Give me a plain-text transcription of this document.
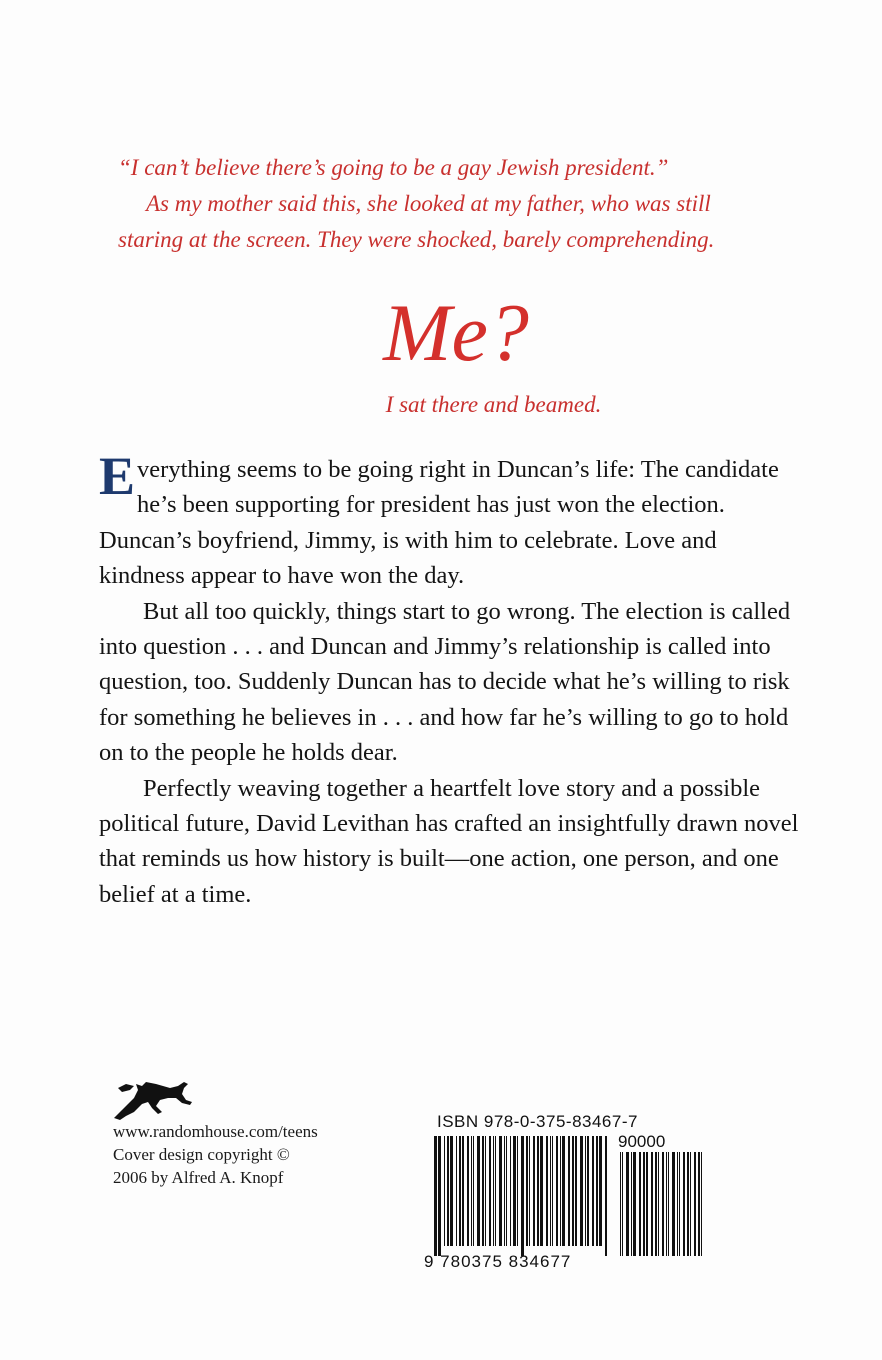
“I can’t believe there’s going to be a gay Jewish president.”
As my mother said this, she looked at my father, who was still
staring at the screen. They were shocked, barely comprehending.
Me?
I sat there and beamed.

Everything seems to be going right in Duncan’s life: The candidate he’s been supporting for president has just won the election. Duncan’s boyfriend, Jimmy, is with him to celebrate. Love and kindness appear to have won the day.

But all too quickly, things start to go wrong. The election is called into question . . . and Duncan and Jimmy’s relationship is called into question, too. Suddenly Duncan has to decide what he’s willing to risk for something he believes in . . . and how far he’s willing to go to hold on to the people he holds dear.

Perfectly weaving together a heartfelt love story and a possible political future, David Levithan has crafted an insightfully drawn novel that reminds us how history is built—one action, one person, and one belief at a time.

www.randomhouse.com/teens
Cover design copyright ©
2006 by Alfred A. Knopf
ISBN 978-0-375-83467-7
90000
9 780375 834677
